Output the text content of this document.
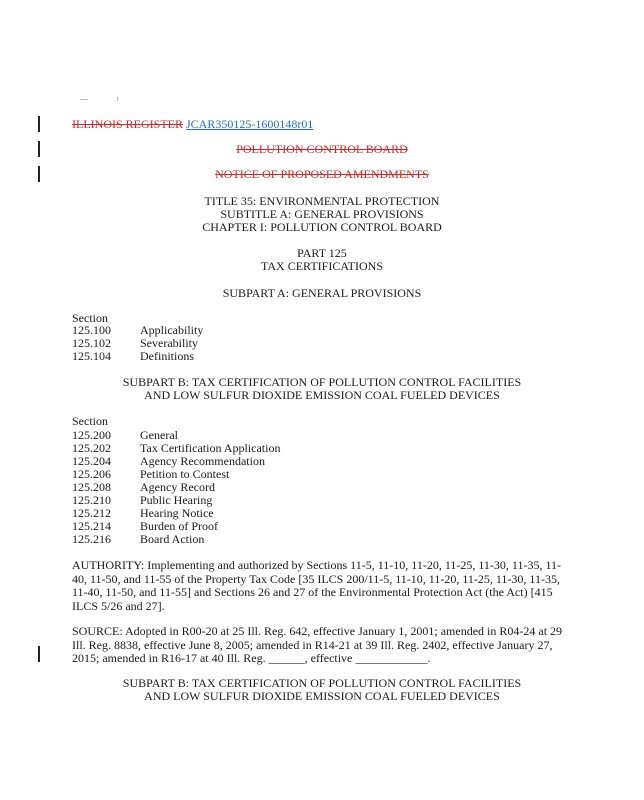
ILLINOIS REGISTER JCAR350125-1600148r01
POLLUTION CONTROL BOARD
NOTICE OF PROPOSED AMENDMENTS
TITLE 35: ENVIRONMENTAL PROTECTION
SUBTITLE A: GENERAL PROVISIONS
CHAPTER I: POLLUTION CONTROL BOARD
PART 125
TAX CERTIFICATIONS
SUBPART A: GENERAL PROVISIONS
Section
125.100 Applicability
125.102 Severability
125.104 Definitions
SUBPART B: TAX CERTIFICATION OF POLLUTION CONTROL FACILITIES
AND LOW SULFUR DIOXIDE EMISSION COAL FUELED DEVICES
Section
125.200 General
125.202 Tax Certification Application
125.204 Agency Recommendation
125.206 Petition to Contest
125.208 Agency Record
125.210 Public Hearing
125.212 Hearing Notice
125.214 Burden of Proof
125.216 Board Action
AUTHORITY: Implementing and authorized by Sections 11-5, 11-10, 11-20, 11-25, 11-30, 11-35, 11-40, 11-50, and 11-55 of the Property Tax Code [35 ILCS 200/11-5, 11-10, 11-20, 11-25, 11-30, 11-35, 11-40, 11-50, and 11-55] and Sections 26 and 27 of the Environmental Protection Act (the Act) [415 ILCS 5/26 and 27].
SOURCE: Adopted in R00-20 at 25 Ill. Reg. 642, effective January 1, 2001; amended in R04-24 at 29 Ill. Reg. 8838, effective June 8, 2005; amended in R14-21 at 39 Ill. Reg. 2402, effective January 27, 2015; amended in R16-17 at 40 Ill. Reg. ______, effective ____________.
SUBPART B: TAX CERTIFICATION OF POLLUTION CONTROL FACILITIES
AND LOW SULFUR DIOXIDE EMISSION COAL FUELED DEVICES
